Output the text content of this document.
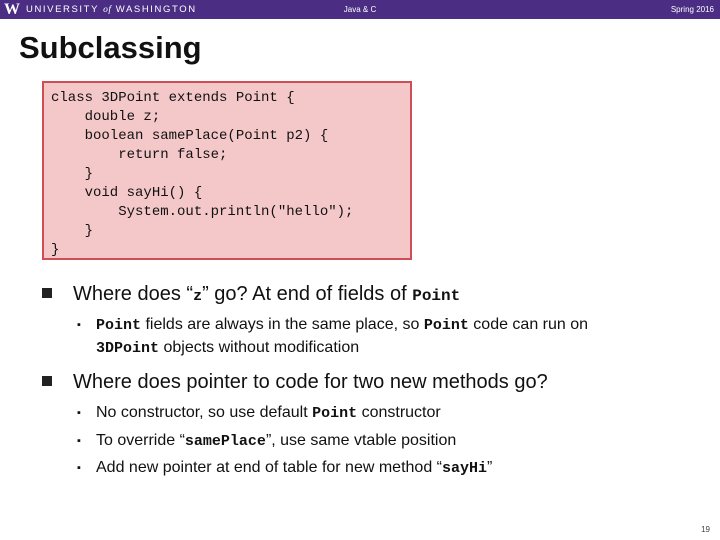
W UNIVERSITY of WASHINGTON	Java & C	Spring 2016
Subclassing
class 3DPoint extends Point {
double z;
boolean samePlace(Point p2) {
return false;
}
void sayHi() {
System.out.println("hello");
}
}
Where does “z” go? At end of fields of Point
▪ Point fields are always in the same place, so Point code can run on
3DPoint objects without modification
Where does pointer to code for two new methods go?
▪ No constructor, so use default Point constructor
▪ To override “samePlace”, use same vtable position
▪ Add new pointer at end of table for new method “sayHi”
19
